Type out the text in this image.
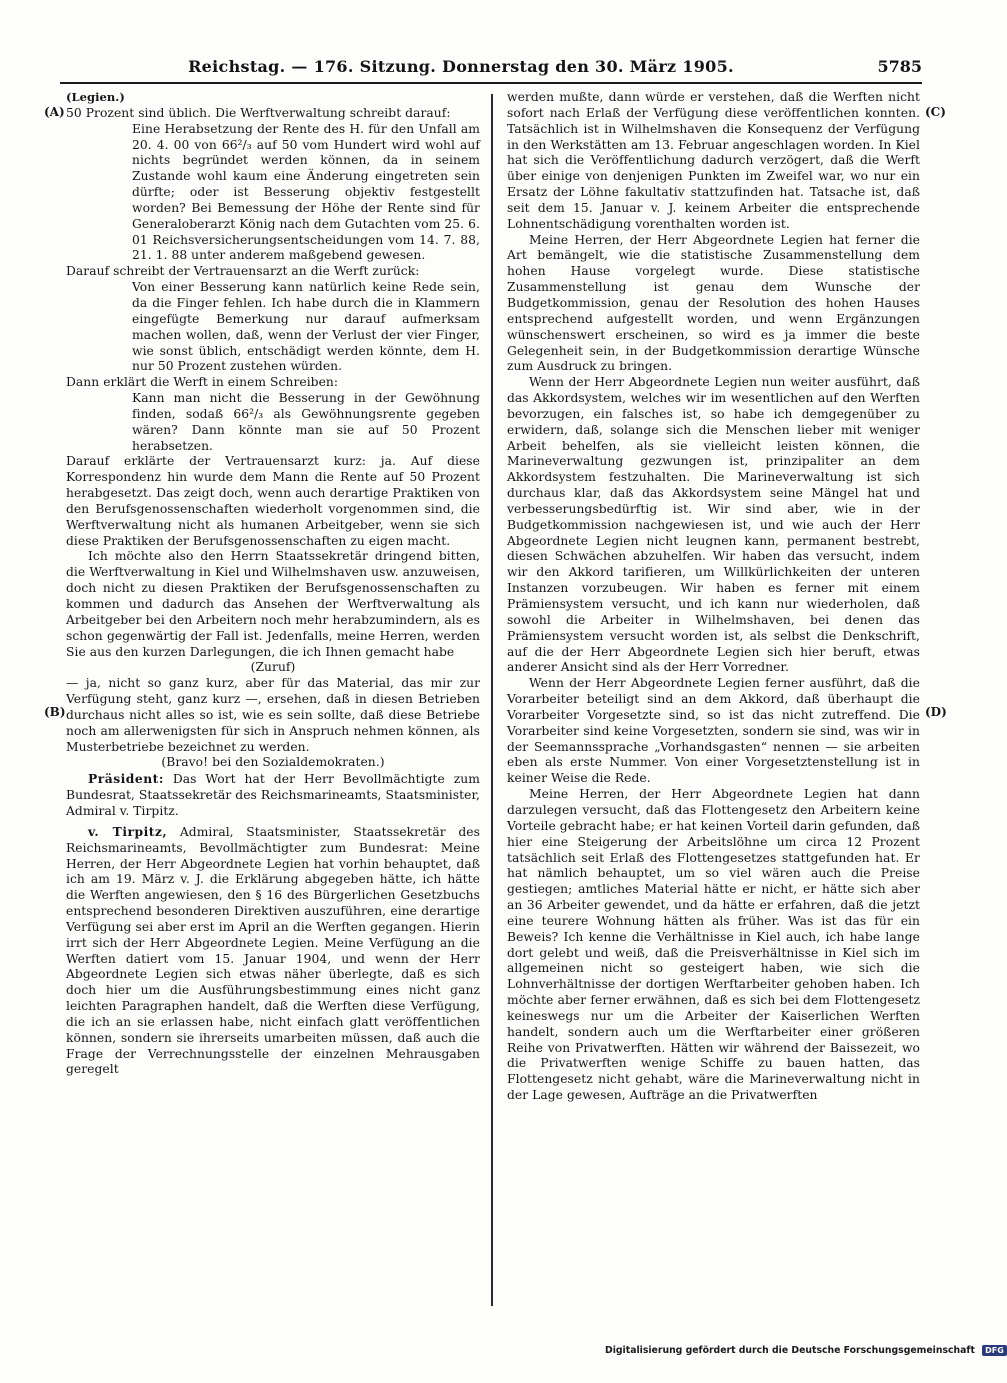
Reichstag. — 176. Sitzung. Donnerstag den 30. März 1905.	5785
(A)
(B)
(C)
(D)

(Legien.)

50 Prozent sind üblich. Die Werftverwaltung schreibt darauf:

Eine Herabsetzung der Rente des H. für den Unfall am 20. 4. 00 von 66²/₃ auf 50 vom Hundert wird wohl auf nichts begründet werden können, da in seinem Zustande wohl kaum eine Änderung eingetreten sein dürfte; oder ist Besserung objektiv festgestellt worden? Bei Bemessung der Höhe der Rente sind für Generaloberarzt König nach dem Gutachten vom 25. 6. 01 Reichsversicherungsentscheidungen vom 14. 7. 88, 21. 1. 88 unter anderem maßgebend gewesen.

Darauf schreibt der Vertrauensarzt an die Werft zurück:

Von einer Besserung kann natürlich keine Rede sein, da die Finger fehlen. Ich habe durch die in Klammern eingefügte Bemerkung nur darauf aufmerksam machen wollen, daß, wenn der Verlust der vier Finger, wie sonst üblich, entschädigt werden könnte, dem H. nur 50 Prozent zustehen würden.

Dann erklärt die Werft in einem Schreiben:

Kann man nicht die Besserung in der Gewöhnung finden, sodaß 66²/₃ als Gewöhnungsrente gegeben wären? Dann könnte man sie auf 50 Prozent herabsetzen.

Darauf erklärte der Vertrauensarzt kurz: ja. Auf diese Korrespondenz hin wurde dem Mann die Rente auf 50 Prozent herabgesetzt. Das zeigt doch, wenn auch derartige Praktiken von den Berufsgenossenschaften wiederholt vorgenommen sind, die Werftverwaltung nicht als humanen Arbeitgeber, wenn sie sich diese Praktiken der Berufsgenossenschaften zu eigen macht.

Ich möchte also den Herrn Staatssekretär dringend bitten, die Werftverwaltung in Kiel und Wilhelmshaven usw. anzuweisen, doch nicht zu diesen Praktiken der Berufsgenossenschaften zu kommen und dadurch das Ansehen der Werftverwaltung als Arbeitgeber bei den Arbeitern noch mehr herabzumindern, als es schon gegenwärtig der Fall ist. Jedenfalls, meine Herren, werden Sie aus den kurzen Darlegungen, die ich Ihnen gemacht habe

(Zuruf)

— ja, nicht so ganz kurz, aber für das Material, das mir zur Verfügung steht, ganz kurz —, ersehen, daß in diesen Betrieben durchaus nicht alles so ist, wie es sein sollte, daß diese Betriebe noch am allerwenigsten für sich in Anspruch nehmen können, als Musterbetriebe bezeichnet zu werden.

(Bravo! bei den Sozialdemokraten.)

Präsident: Das Wort hat der Herr Bevollmächtigte zum Bundesrat, Staatssekretär des Reichsmarineamts, Staatsminister, Admiral v. Tirpitz.

v. Tirpitz, Admiral, Staatsminister, Staatssekretär des Reichsmarineamts, Bevollmächtigter zum Bundesrat: Meine Herren, der Herr Abgeordnete Legien hat vorhin behauptet, daß ich am 19. März v. J. die Erklärung abgegeben hätte, ich hätte die Werften angewiesen, den § 16 des Bürgerlichen Gesetzbuchs entsprechend besonderen Direktiven auszuführen, eine derartige Verfügung sei aber erst im April an die Werften gegangen. Hierin irrt sich der Herr Abgeordnete Legien. Meine Verfügung an die Werften datiert vom 15. Januar 1904, und wenn der Herr Abgeordnete Legien sich etwas näher überlegte, daß es sich doch hier um die Ausführungsbestimmung eines nicht ganz leichten Paragraphen handelt, daß die Werften diese Verfügung, die ich an sie erlassen habe, nicht einfach glatt veröffentlichen können, sondern sie ihrerseits umarbeiten müssen, daß auch die Frage der Verrechnungsstelle der einzelnen Mehrausgaben geregelt

werden mußte, dann würde er verstehen, daß die Werften nicht sofort nach Erlaß der Verfügung diese veröffentlichen konnten. Tatsächlich ist in Wilhelmshaven die Konsequenz der Verfügung in den Werkstätten am 13. Februar angeschlagen worden. In Kiel hat sich die Veröffentlichung dadurch verzögert, daß die Werft über einige von denjenigen Punkten im Zweifel war, wo nur ein Ersatz der Löhne fakultativ stattzufinden hat. Tatsache ist, daß seit dem 15. Januar v. J. keinem Arbeiter die entsprechende Lohnentschädigung vorenthalten worden ist.

Meine Herren, der Herr Abgeordnete Legien hat ferner die Art bemängelt, wie die statistische Zusammenstellung dem hohen Hause vorgelegt wurde. Diese statistische Zusammenstellung ist genau dem Wunsche der Budgetkommission, genau der Resolution des hohen Hauses entsprechend aufgestellt worden, und wenn Ergänzungen wünschenswert erscheinen, so wird es ja immer die beste Gelegenheit sein, in der Budgetkommission derartige Wünsche zum Ausdruck zu bringen.

Wenn der Herr Abgeordnete Legien nun weiter ausführt, daß das Akkordsystem, welches wir im wesentlichen auf den Werften bevorzugen, ein falsches ist, so habe ich demgegenüber zu erwidern, daß, solange sich die Menschen lieber mit weniger Arbeit behelfen, als sie vielleicht leisten können, die Marineverwaltung gezwungen ist, prinzipaliter an dem Akkordsystem festzuhalten. Die Marineverwaltung ist sich durchaus klar, daß das Akkordsystem seine Mängel hat und verbesserungsbedürftig ist. Wir sind aber, wie in der Budgetkommission nachgewiesen ist, und wie auch der Herr Abgeordnete Legien nicht leugnen kann, permanent bestrebt, diesen Schwächen abzuhelfen. Wir haben das versucht, indem wir den Akkord tarifieren, um Willkürlichkeiten der unteren Instanzen vorzubeugen. Wir haben es ferner mit einem Prämiensystem versucht, und ich kann nur wiederholen, daß sowohl die Arbeiter in Wilhelmshaven, bei denen das Prämiensystem versucht worden ist, als selbst die Denkschrift, auf die der Herr Abgeordnete Legien sich hier beruft, etwas anderer Ansicht sind als der Herr Vorredner.

Wenn der Herr Abgeordnete Legien ferner ausführt, daß die Vorarbeiter beteiligt sind an dem Akkord, daß überhaupt die Vorarbeiter Vorgesetzte sind, so ist das nicht zutreffend. Die Vorarbeiter sind keine Vorgesetzten, sondern sie sind, was wir in der Seemannssprache „Vorhandsgasten“ nennen — sie arbeiten eben als erste Nummer. Von einer Vorgesetztenstellung ist in keiner Weise die Rede.

Meine Herren, der Herr Abgeordnete Legien hat dann darzulegen versucht, daß das Flottengesetz den Arbeitern keine Vorteile gebracht habe; er hat keinen Vorteil darin gefunden, daß hier eine Steigerung der Arbeitslöhne um circa 12 Prozent tatsächlich seit Erlaß des Flottengesetzes stattgefunden hat. Er hat nämlich behauptet, um so viel wären auch die Preise gestiegen; amtliches Material hätte er nicht, er hätte sich aber an 36 Arbeiter gewendet, und da hätte er erfahren, daß die jetzt eine teurere Wohnung hätten als früher. Was ist das für ein Beweis? Ich kenne die Verhältnisse in Kiel auch, ich habe lange dort gelebt und weiß, daß die Preisverhältnisse in Kiel sich im allgemeinen nicht so gesteigert haben, wie sich die Lohnverhältnisse der dortigen Werftarbeiter gehoben haben. Ich möchte aber ferner erwähnen, daß es sich bei dem Flottengesetz keineswegs nur um die Arbeiter der Kaiserlichen Werften handelt, sondern auch um die Werftarbeiter einer größeren Reihe von Privatwerften. Hätten wir während der Baissezeit, wo die Privatwerften wenige Schiffe zu bauen hatten, das Flottengesetz nicht gehabt, wäre die Marineverwaltung nicht in der Lage gewesen, Aufträge an die Privatwerften

Digitalisierung gefördert durch die Deutsche Forschungsgemeinschaft DFG
